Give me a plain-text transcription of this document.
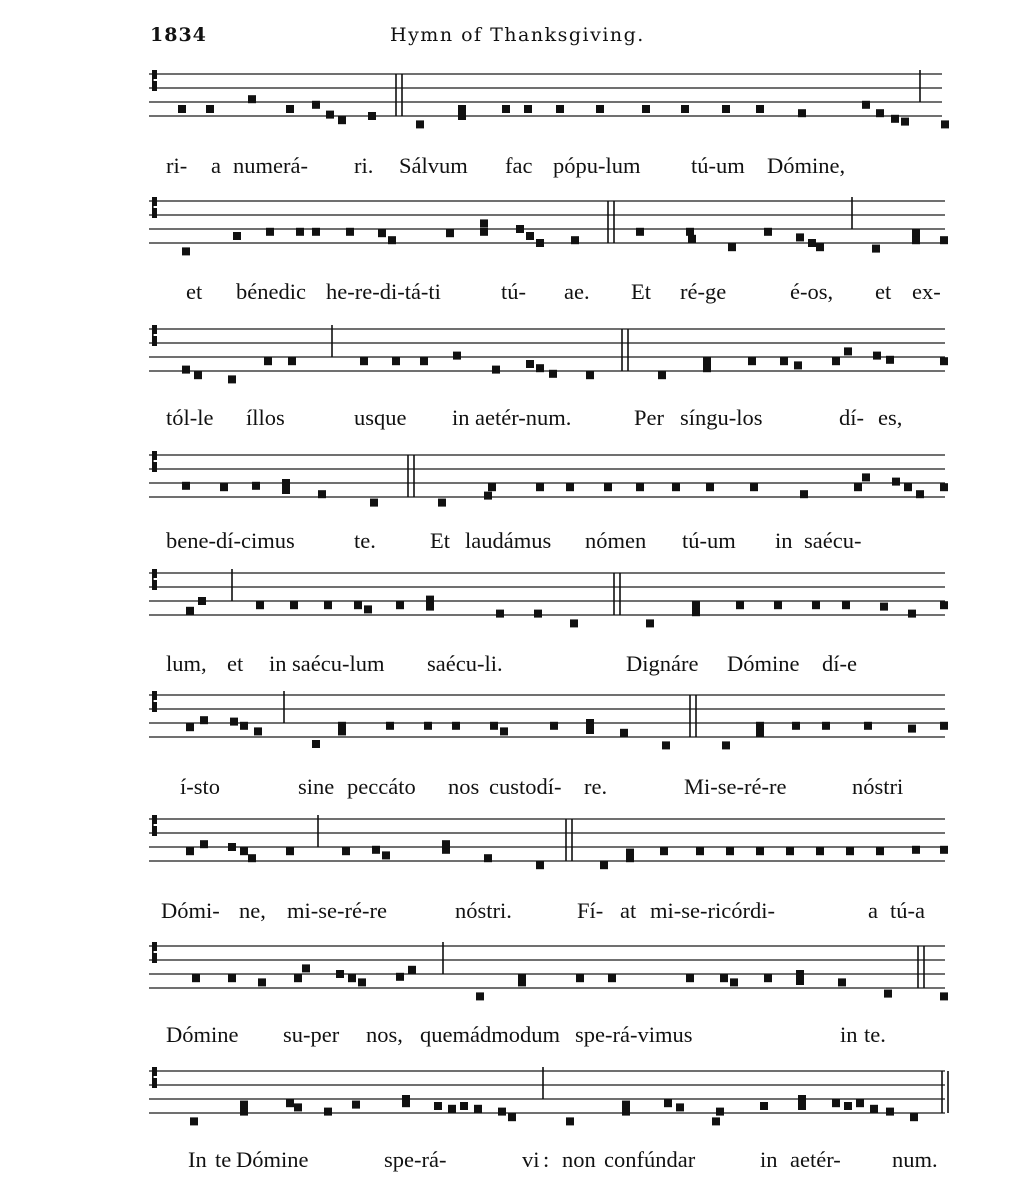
1834	Hymn of Thanksgiving.
ri- a numerá- ri. Sálvum fac pópu-lum tú-um Dómine,
et bénedic he-re-di-tá-ti	tú- ae. Et ré-ge	é-os, et ex-
tól-le íllos	usque in aetér-num.	Per síngu-los	dí- es,
bene-dí-cimus	te. Et laudámus nómen tú-um in saécu-
lum, et in saécu-lum saécu-li.	Dignáre Dómine dí-e
í-sto	sine peccáto nos custodí- re.	Mi-se-ré-re	nóstri
Dómi- ne, mi-se-ré-re	nóstri.	Fí- at mi-se-ricórdi-	a tú-a
Dómine su-per nos, quemádmodum spe-rá-vimus	in te.
In te Dómine	spe-rá-	vi : non confúndar	in aetér- num.
